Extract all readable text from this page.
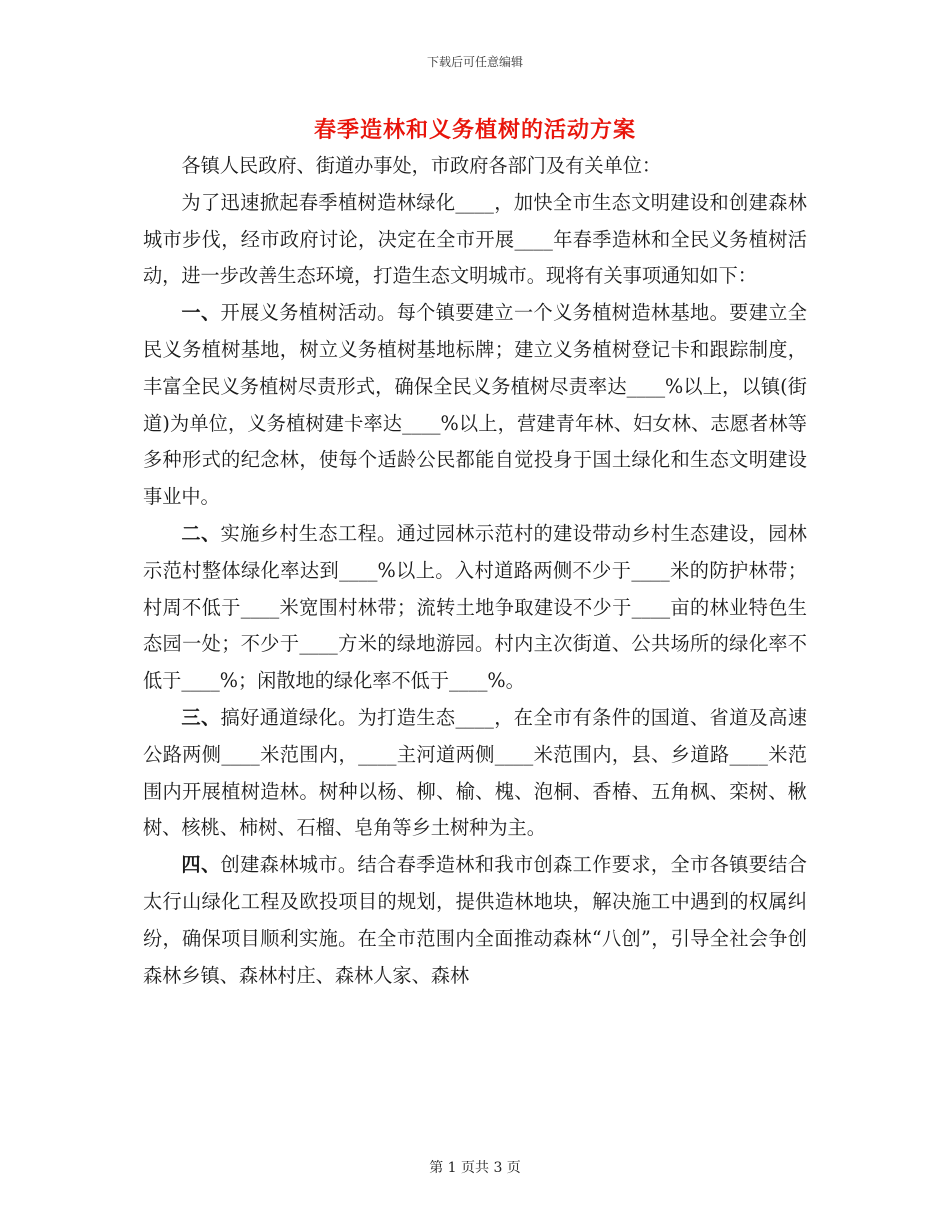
下载后可任意编辑
春季造林和义务植树的活动方案

各镇人民政府、街道办事处，市政府各部门及有关单位：

为了迅速掀起春季植树造林绿化____，加快全市生态文明建设和创建森林城市步伐，经市政府讨论，决定在全市开展____年春季造林和全民义务植树活动，进一步改善生态环境，打造生态文明城市。现将有关事项通知如下：

一、开展义务植树活动。每个镇要建立一个义务植树造林基地。要建立全民义务植树基地，树立义务植树基地标牌；建立义务植树登记卡和跟踪制度，丰富全民义务植树尽责形式，确保全民义务植树尽责率达____%以上，以镇(街道)为单位，义务植树建卡率达____%以上，营建青年林、妇女林、志愿者林等多种形式的纪念林，使每个适龄公民都能自觉投身于国土绿化和生态文明建设事业中。

二、实施乡村生态工程。通过园林示范村的建设带动乡村生态建设，园林示范村整体绿化率达到____%以上。入村道路两侧不少于____米的防护林带；村周不低于____米宽围村林带；流转土地争取建设不少于____亩的林业特色生态园一处；不少于____方米的绿地游园。村内主次街道、公共场所的绿化率不低于____%；闲散地的绿化率不低于____%。

三、搞好通道绿化。为打造生态____，在全市有条件的国道、省道及高速公路两侧____米范围内，____主河道两侧____米范围内，县、乡道路____米范围内开展植树造林。树种以杨、柳、榆、槐、泡桐、香椿、五角枫、栾树、楸树、核桃、柿树、石榴、皂角等乡土树种为主。

四、创建森林城市。结合春季造林和我市创森工作要求，全市各镇要结合太行山绿化工程及欧投项目的规划，提供造林地块，解决施工中遇到的权属纠纷，确保项目顺利实施。在全市范围内全面推动森林“八创”，引导全社会争创森林乡镇、森林村庄、森林人家、森林

第 1 页共 3 页
